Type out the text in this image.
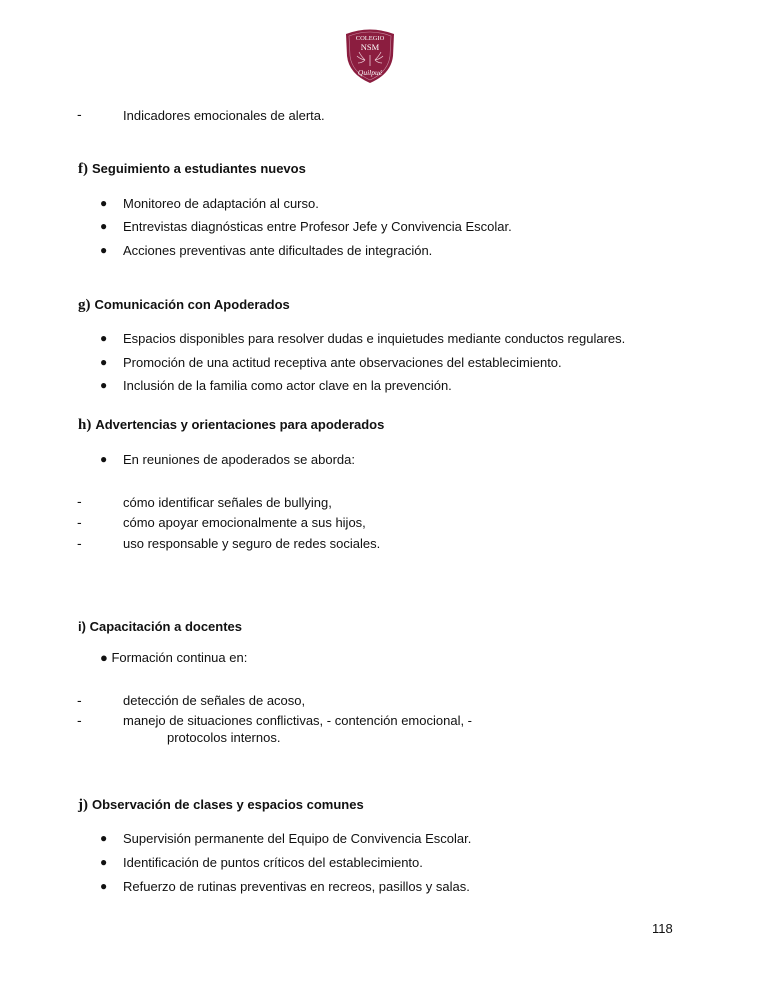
COLEGIO
NSM
Quilpué
-	Indicadores emocionales de alerta.
f) Seguimiento a estudiantes nuevos
● Monitoreo de adaptación al curso.
● Entrevistas diagnósticas entre Profesor Jefe y Convivencia Escolar.
● Acciones preventivas ante dificultades de integración.
g) Comunicación con Apoderados
● Espacios disponibles para resolver dudas e inquietudes mediante conductos regulares.
● Promoción de una actitud receptiva ante observaciones del establecimiento.
● Inclusión de la familia como actor clave en la prevención.
h) Advertencias y orientaciones para apoderados
● En reuniones de apoderados se aborda:
-	cómo identificar señales de bullying,
-	cómo apoyar emocionalmente a sus hijos,
-	uso responsable y seguro de redes sociales.
i) Capacitación a docentes
● Formación continua en:
-	detección de señales de acoso,
-	manejo de situaciones conflictivas, - contención emocional, -
protocolos internos.
j) Observación de clases y espacios comunes
● Supervisión permanente del Equipo de Convivencia Escolar.
● Identificación de puntos críticos del establecimiento.
● Refuerzo de rutinas preventivas en recreos, pasillos y salas.
118
